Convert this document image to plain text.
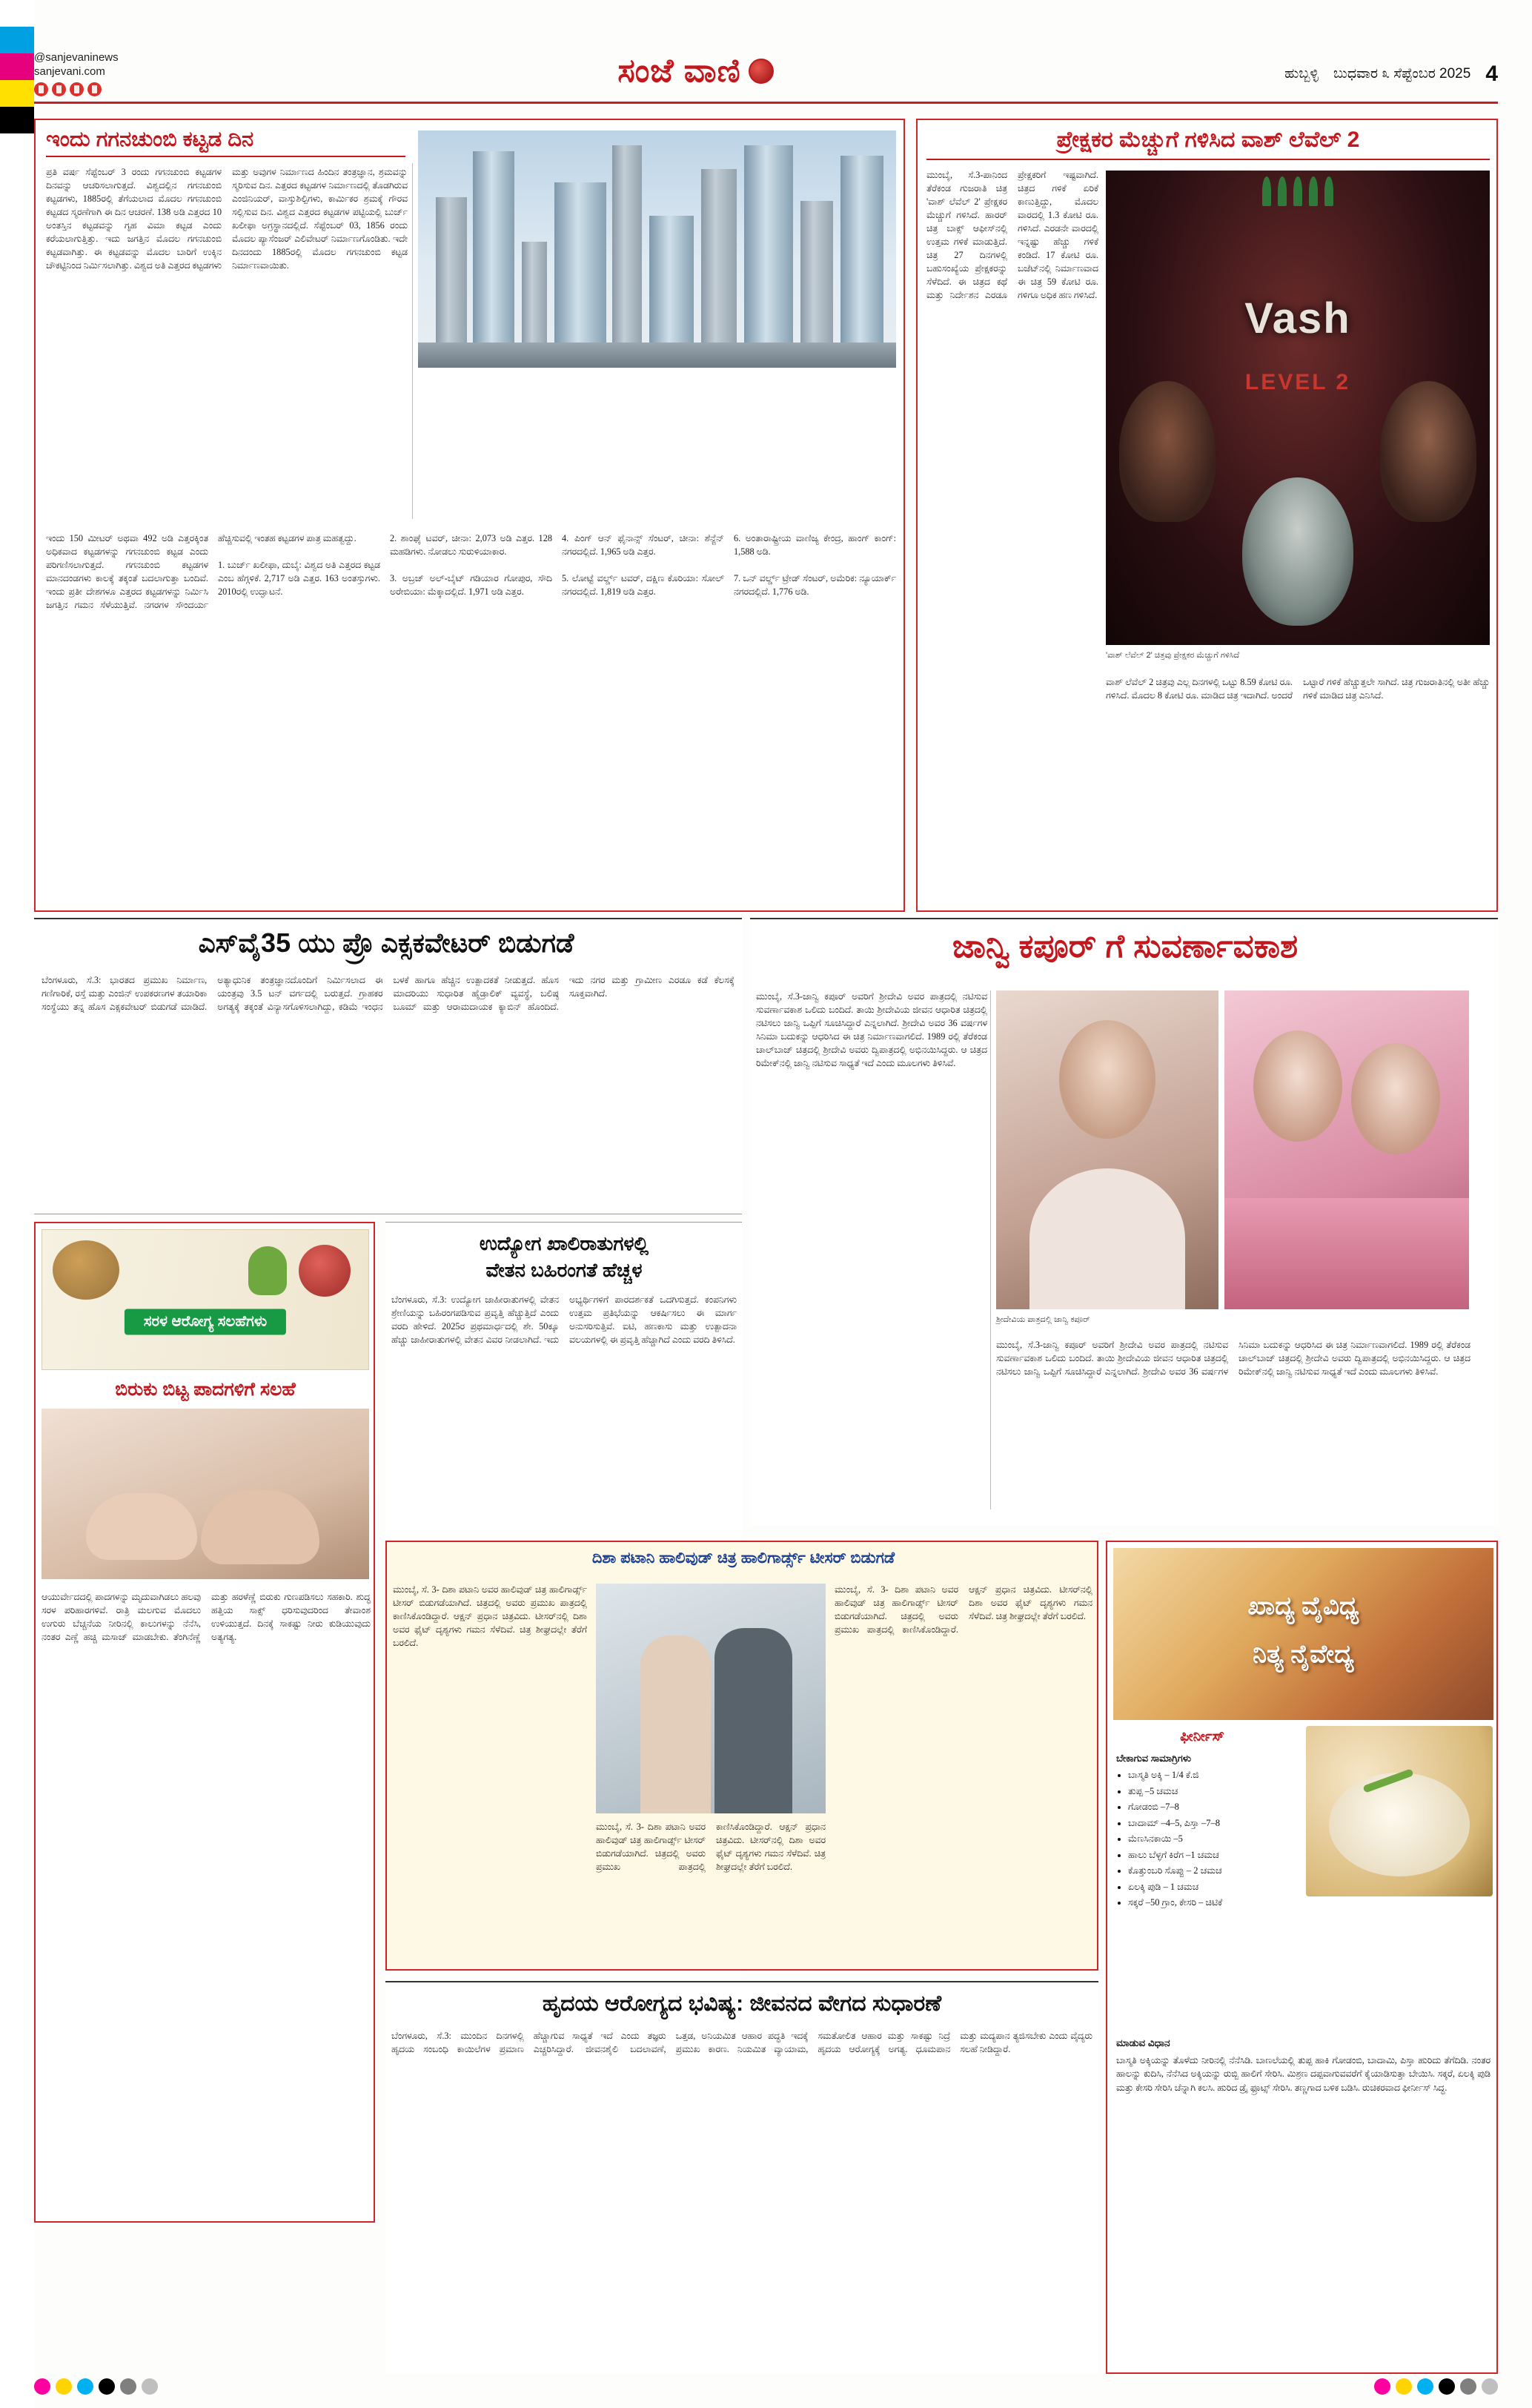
@sanjevaninews
sanjevani.com	ಸಂಜೆ ವಾಣಿ	ಹುಬ್ಬಳ್ಳಿ ಬುಧವಾರ ೩ ಸೆಪ್ಟೆಂಬರ 2025 4
ಇಂದು ಗಗನಚುಂಬಿ ಕಟ್ಟಡ ದಿನ
ಪ್ರತಿ ವರ್ಷ ಸೆಪ್ಟೆಂಬರ್ 3 ರಂದು ಗಗನಚುಂಬಿ ಕಟ್ಟಡಗಳ ದಿನವನ್ನು ಆಚರಿಸಲಾಗುತ್ತದೆ. ವಿಶ್ವದಲ್ಲಿನ ಗಗನಚುಂಬಿ ಕಟ್ಟಡಗಳು, 1885ರಲ್ಲಿ ತೆಗೆಯಲಾದ ಮೊದಲ ಗಗನಚುಂಬಿ ಕಟ್ಟಡದ ಸ್ಮರಣೆಗಾಗಿ ಈ ದಿನ ಆಚರಣೆ. 138 ಅಡಿ ಎತ್ತರದ 10 ಅಂತಸ್ತಿನ ಕಟ್ಟಡವನ್ನು ಗೃಹ ವಿಮಾ ಕಟ್ಟಡ ಎಂದು ಕರೆಯಲಾಗುತ್ತಿತ್ತು. ಇದು ಜಗತ್ತಿನ ಮೊದಲ ಗಗನಚುಂಬಿ ಕಟ್ಟಡವಾಗಿತ್ತು. ಈ ಕಟ್ಟಡವನ್ನು ಮೊದಲ ಬಾರಿಗೆ ಉಕ್ಕಿನ ಚೌಕಟ್ಟಿನಿಂದ ನಿರ್ಮಿಸಲಾಗಿತ್ತು. ವಿಶ್ವದ ಅತಿ ಎತ್ತರದ ಕಟ್ಟಡಗಳು ಮತ್ತು ಅವುಗಳ ನಿರ್ಮಾಣದ ಹಿಂದಿನ ತಂತ್ರಜ್ಞಾನ, ಶ್ರಮವನ್ನು ಸ್ಮರಿಸುವ ದಿನ. ಎತ್ತರದ ಕಟ್ಟಡಗಳ ನಿರ್ಮಾಣದಲ್ಲಿ ತೊಡಗಿರುವ ಎಂಜಿನಿಯರ್, ವಾಸ್ತುಶಿಲ್ಪಿಗಳು, ಕಾರ್ಮಿಕರ ಶ್ರಮಕ್ಕೆ ಗೌರವ ಸಲ್ಲಿಸುವ ದಿನ. ವಿಶ್ವದ ಎತ್ತರದ ಕಟ್ಟಡಗಳ ಪಟ್ಟಿಯಲ್ಲಿ ಬುರ್ಜ್ ಖಲೀಫಾ ಅಗ್ರಸ್ಥಾನದಲ್ಲಿದೆ. ಸೆಪ್ಟೆಂಬರ್ 03, 1856 ರಂದು ಮೊದಲ ಪ್ಯಾಸೆಂಜರ್ ಎಲಿವೇಟರ್ ನಿರ್ಮಾಣಗೊಂಡಿತು. ಇದೇ ದಿನದಂದು 1885ರಲ್ಲಿ ಮೊದಲ ಗಗನಚುಂಬಿ ಕಟ್ಟಡ ನಿರ್ಮಾಣವಾಯಿತು.
ಇಂದು 150 ಮೀಟರ್ ಅಥವಾ 492 ಅಡಿ ಎತ್ತರಕ್ಕಿಂತ ಅಧಿಕವಾದ ಕಟ್ಟಡಗಳನ್ನು ಗಗನಚುಂಬಿ ಕಟ್ಟಡ ಎಂದು ಪರಿಗಣಿಸಲಾಗುತ್ತದೆ. ಗಗನಚುಂಬಿ ಕಟ್ಟಡಗಳ ಮಾನದಂಡಗಳು ಕಾಲಕ್ಕೆ ತಕ್ಕಂತೆ ಬದಲಾಗುತ್ತಾ ಬಂದಿವೆ. ಇಂದು ಪ್ರತೀ ದೇಶಗಳೂ ಎತ್ತರದ ಕಟ್ಟಡಗಳನ್ನು ನಿರ್ಮಿಸಿ ಜಗತ್ತಿನ ಗಮನ ಸೆಳೆಯುತ್ತಿವೆ. ನಗರಗಳ ಸೌಂದರ್ಯ ಹೆಚ್ಚಿಸುವಲ್ಲಿ ಇಂತಹ ಕಟ್ಟಡಗಳ ಪಾತ್ರ ಮಹತ್ವದ್ದು.

1. ಬುರ್ಜ್ ಖಲೀಫಾ, ದುಬೈ: ವಿಶ್ವದ ಅತಿ ಎತ್ತರದ ಕಟ್ಟಡ ಎಂಬ ಹೆಗ್ಗಳಿಕೆ. 2,717 ಅಡಿ ಎತ್ತರ. 163 ಅಂತಸ್ತುಗಳು. 2010ರಲ್ಲಿ ಉದ್ಘಾಟನೆ.

2. ಶಾಂಘೈ ಟವರ್, ಚೀನಾ: 2,073 ಅಡಿ ಎತ್ತರ. 128 ಮಹಡಿಗಳು. ನೋಡಲು ಸುರುಳಿಯಾಕಾರ.

3. ಅಬ್ರಜ್ ಅಲ್-ಬೈಟ್ ಗಡಿಯಾರ ಗೋಪುರ, ಸೌದಿ ಅರೇಬಿಯಾ: ಮೆಕ್ಕಾದಲ್ಲಿದೆ. 1,971 ಅಡಿ ಎತ್ತರ.

4. ಪಿಂಗ್ ಆನ್ ಫೈನಾನ್ಸ್ ಸೆಂಟರ್, ಚೀನಾ: ಶೆನ್ಜೆನ್ ನಗರದಲ್ಲಿದೆ. 1,965 ಅಡಿ ಎತ್ತರ.

5. ಲೋಟ್ಟೆ ವರ್ಲ್ಡ್ ಟವರ್, ದಕ್ಷಿಣ ಕೊರಿಯಾ: ಸೋಲ್ ನಗರದಲ್ಲಿದೆ. 1,819 ಅಡಿ ಎತ್ತರ.

6. ಅಂತಾರಾಷ್ಟ್ರೀಯ ವಾಣಿಜ್ಯ ಕೇಂದ್ರ, ಹಾಂಗ್ ಕಾಂಗ್: 1,588 ಅಡಿ.

7. ಒನ್ ವರ್ಲ್ಡ್ ಟ್ರೇಡ್ ಸೆಂಟರ್, ಅಮೆರಿಕ: ನ್ಯೂಯಾರ್ಕ್ ನಗರದಲ್ಲಿದೆ. 1,776 ಅಡಿ.
ಪ್ರೇಕ್ಷಕರ ಮೆಚ್ಚುಗೆ ಗಳಿಸಿದ ವಾಶ್ ಲೆವೆಲ್ 2
Vash
LEVEL 2
ಮುಂಬೈ, ಸೆ.3-ಪಾನಿಂದ ತೆರೆಕಂಡ ಗುಜರಾತಿ ಚಿತ್ರ 'ವಾಶ್ ಲೆವೆಲ್ 2' ಪ್ರೇಕ್ಷಕರ ಮೆಚ್ಚುಗೆ ಗಳಿಸಿದೆ. ಹಾರರ್ ಚಿತ್ರ ಬಾಕ್ಸ್ ಆಫೀಸ್‌ನಲ್ಲಿ ಉತ್ತಮ ಗಳಿಕೆ ಮಾಡುತ್ತಿದೆ. ಚಿತ್ರ 27 ದಿನಗಳಲ್ಲಿ ಬಹುಸಂಖ್ಯೆಯ ಪ್ರೇಕ್ಷಕರನ್ನು ಸೆಳೆದಿದೆ. ಈ ಚಿತ್ರದ ಕಥೆ ಮತ್ತು ನಿರ್ದೇಶನ ಎರಡೂ ಪ್ರೇಕ್ಷಕರಿಗೆ ಇಷ್ಟವಾಗಿದೆ. ಚಿತ್ರದ ಗಳಿಕೆ ಏರಿಕೆ ಕಾಣುತ್ತಿದ್ದು, ಮೊದಲ ವಾರದಲ್ಲಿ 1.3 ಕೋಟಿ ರೂ. ಗಳಿಸಿದೆ. ಎರಡನೇ ವಾರದಲ್ಲಿ ಇನ್ನಷ್ಟು ಹೆಚ್ಚು ಗಳಿಕೆ ಕಂಡಿದೆ. 17 ಕೋಟಿ ರೂ. ಬಜೆಟ್‌ನಲ್ಲಿ ನಿರ್ಮಾಣವಾದ ಈ ಚಿತ್ರ 59 ಕೋಟಿ ರೂ. ಗಳಿಗೂ ಅಧಿಕ ಹಣ ಗಳಿಸಿದೆ.
'ವಾಶ್ ಲೆವೆಲ್ 2' ಚಿತ್ರವು ಪ್ರೇಕ್ಷಕರ ಮೆಚ್ಚುಗೆ ಗಳಿಸಿದೆ
ವಾಶ್ ಲೆವೆಲ್ 2 ಚಿತ್ರವು ಎಲ್ಲ ದಿನಗಳಲ್ಲಿ ಒಟ್ಟು 8.59 ಕೋಟಿ ರೂ. ಗಳಿಸಿದೆ. ಮೊದಲ 8 ಕೋಟಿ ರೂ. ಮಾಡಿದ ಚಿತ್ರ ಇದಾಗಿದೆ. ಅಂದರೆ ಒಟ್ಟಾರೆ ಗಳಿಕೆ ಹೆಚ್ಚುತ್ತಲೇ ಸಾಗಿದೆ. ಚಿತ್ರ ಗುಜರಾತಿನಲ್ಲಿ ಅತೀ ಹೆಚ್ಚು ಗಳಿಕೆ ಮಾಡಿದ ಚಿತ್ರ ಎನಿಸಿದೆ.
ಎಸ್‌ವೈ35 ಯು ಪ್ರೊ ಎಕ್ಸಕವೇಟರ್ ಬಿಡುಗಡೆ
ಬೆಂಗಳೂರು, ಸೆ.3: ಭಾರತದ ಪ್ರಮುಖ ನಿರ್ಮಾಣ, ಗಣಿಗಾರಿಕೆ, ರಸ್ತೆ ಮತ್ತು ಎಂಜಿನ್ ಉಪಕರಣಗಳ ತಯಾರಿಕಾ ಸಂಸ್ಥೆಯು ತನ್ನ ಹೊಸ ಎಕ್ಸಕವೇಟರ್ ಬಿಡುಗಡೆ ಮಾಡಿದೆ. ಅತ್ಯಾಧುನಿಕ ತಂತ್ರಜ್ಞಾನದೊಂದಿಗೆ ನಿರ್ಮಿಸಲಾದ ಈ ಯಂತ್ರವು 3.5 ಟನ್ ವರ್ಗದಲ್ಲಿ ಬರುತ್ತದೆ. ಗ್ರಾಹಕರ ಅಗತ್ಯಕ್ಕೆ ತಕ್ಕಂತೆ ವಿನ್ಯಾಸಗೊಳಿಸಲಾಗಿದ್ದು, ಕಡಿಮೆ ಇಂಧನ ಬಳಕೆ ಹಾಗೂ ಹೆಚ್ಚಿನ ಉತ್ಪಾದಕತೆ ನೀಡುತ್ತದೆ. ಹೊಸ ಮಾದರಿಯು ಸುಧಾರಿತ ಹೈಡ್ರಾಲಿಕ್ ವ್ಯವಸ್ಥೆ, ಬಲಿಷ್ಠ ಬೂಮ್ ಮತ್ತು ಆರಾಮದಾಯಕ ಕ್ಯಾಬಿನ್ ಹೊಂದಿದೆ. ಇದು ನಗರ ಮತ್ತು ಗ್ರಾಮೀಣ ಎರಡೂ ಕಡೆ ಕೆಲಸಕ್ಕೆ ಸೂಕ್ತವಾಗಿದೆ.
ಜಾನ್ವಿ ಕಪೂರ್ ಗೆ ಸುವರ್ಣಾವಕಾಶ
ಮುಂಬೈ, ಸೆ.3-ಜಾನ್ವಿ ಕಪೂರ್ ಅವರಿಗೆ ಶ್ರೀದೇವಿ ಅವರ ಪಾತ್ರದಲ್ಲಿ ನಟಿಸುವ ಸುವರ್ಣಾವಕಾಶ ಒಲಿದು ಬಂದಿದೆ. ತಾಯಿ ಶ್ರೀದೇವಿಯ ಜೀವನ ಆಧಾರಿತ ಚಿತ್ರದಲ್ಲಿ ನಟಿಸಲು ಜಾನ್ವಿ ಒಪ್ಪಿಗೆ ಸೂಚಿಸಿದ್ದಾರೆ ಎನ್ನಲಾಗಿದೆ. ಶ್ರೀದೇವಿ ಅವರ 36 ವರ್ಷಗಳ ಸಿನಿಮಾ ಬದುಕನ್ನು ಆಧರಿಸಿದ ಈ ಚಿತ್ರ ನಿರ್ಮಾಣವಾಗಲಿದೆ. 1989 ರಲ್ಲಿ ತೆರೆಕಂಡ ಚಾಲ್‌ಬಾಜ್ ಚಿತ್ರದಲ್ಲಿ ಶ್ರೀದೇವಿ ಅವರು ದ್ವಿಪಾತ್ರದಲ್ಲಿ ಅಭಿನಯಿಸಿದ್ದರು. ಆ ಚಿತ್ರದ ರಿಮೇಕ್‌ನಲ್ಲಿ ಜಾನ್ವಿ ನಟಿಸುವ ಸಾಧ್ಯತೆ ಇದೆ ಎಂದು ಮೂಲಗಳು ತಿಳಿಸಿವೆ.
ಶ್ರೀದೇವಿಯ ಪಾತ್ರದಲ್ಲಿ ಜಾನ್ವಿ ಕಪೂರ್
ಮುಂಬೈ, ಸೆ.3-ಜಾನ್ವಿ ಕಪೂರ್ ಅವರಿಗೆ ಶ್ರೀದೇವಿ ಅವರ ಪಾತ್ರದಲ್ಲಿ ನಟಿಸುವ ಸುವರ್ಣಾವಕಾಶ ಒಲಿದು ಬಂದಿದೆ. ತಾಯಿ ಶ್ರೀದೇವಿಯ ಜೀವನ ಆಧಾರಿತ ಚಿತ್ರದಲ್ಲಿ ನಟಿಸಲು ಜಾನ್ವಿ ಒಪ್ಪಿಗೆ ಸೂಚಿಸಿದ್ದಾರೆ ಎನ್ನಲಾಗಿದೆ. ಶ್ರೀದೇವಿ ಅವರ 36 ವರ್ಷಗಳ ಸಿನಿಮಾ ಬದುಕನ್ನು ಆಧರಿಸಿದ ಈ ಚಿತ್ರ ನಿರ್ಮಾಣವಾಗಲಿದೆ. 1989 ರಲ್ಲಿ ತೆರೆಕಂಡ ಚಾಲ್‌ಬಾಜ್ ಚಿತ್ರದಲ್ಲಿ ಶ್ರೀದೇವಿ ಅವರು ದ್ವಿಪಾತ್ರದಲ್ಲಿ ಅಭಿನಯಿಸಿದ್ದರು. ಆ ಚಿತ್ರದ ರಿಮೇಕ್‌ನಲ್ಲಿ ಜಾನ್ವಿ ನಟಿಸುವ ಸಾಧ್ಯತೆ ಇದೆ ಎಂದು ಮೂಲಗಳು ತಿಳಿಸಿವೆ.
ಉದ್ಯೋಗ ಖಾಲಿರಾತುಗಳಲ್ಲಿ
ವೇತನ ಬಹಿರಂಗತೆ ಹೆಚ್ಚಳ
ಬೆಂಗಳೂರು, ಸೆ.3: ಉದ್ಯೋಗ ಜಾಹೀರಾತುಗಳಲ್ಲಿ ವೇತನ ಶ್ರೇಣಿಯನ್ನು ಬಹಿರಂಗಪಡಿಸುವ ಪ್ರವೃತ್ತಿ ಹೆಚ್ಚುತ್ತಿದೆ ಎಂದು ವರದಿ ಹೇಳಿದೆ. 2025ರ ಪ್ರಥಮಾರ್ಧದಲ್ಲಿ ಶೇ. 50ಕ್ಕೂ ಹೆಚ್ಚು ಜಾಹೀರಾತುಗಳಲ್ಲಿ ವೇತನ ವಿವರ ನೀಡಲಾಗಿದೆ. ಇದು ಅಭ್ಯರ್ಥಿಗಳಿಗೆ ಪಾರದರ್ಶಕತೆ ಒದಗಿಸುತ್ತದೆ. ಕಂಪನಿಗಳು ಉತ್ತಮ ಪ್ರತಿಭೆಯನ್ನು ಆಕರ್ಷಿಸಲು ಈ ಮಾರ್ಗ ಅನುಸರಿಸುತ್ತಿವೆ. ಐಟಿ, ಹಣಕಾಸು ಮತ್ತು ಉತ್ಪಾದನಾ ವಲಯಗಳಲ್ಲಿ ಈ ಪ್ರವೃತ್ತಿ ಹೆಚ್ಚಾಗಿದೆ ಎಂದು ವರದಿ ತಿಳಿಸಿದೆ.
ಸರಳ ಆರೋಗ್ಯ ಸಲಹೆಗಳು
ಬಿರುಕು ಬಿಟ್ಟ ಪಾದಗಳಿಗೆ ಸಲಹೆ
ಆಯುರ್ವೇದದಲ್ಲಿ ಪಾದಗಳನ್ನು ಮೃದುವಾಗಿಡಲು ಹಲವು ಸರಳ ಪರಿಹಾರಗಳಿವೆ. ರಾತ್ರಿ ಮಲಗುವ ಮೊದಲು ಉಗುರು ಬೆಚ್ಚನೆಯ ನೀರಿನಲ್ಲಿ ಕಾಲುಗಳನ್ನು ನೆನೆಸಿ, ನಂತರ ಎಣ್ಣೆ ಹಚ್ಚಿ ಮಸಾಜ್ ಮಾಡಬೇಕು. ತೆಂಗಿನೆಣ್ಣೆ ಮತ್ತು ಹರಳೆಣ್ಣೆ ಬಿರುಕು ಗುಣಪಡಿಸಲು ಸಹಕಾರಿ. ಶುದ್ಧ ಹತ್ತಿಯ ಸಾಕ್ಸ್ ಧರಿಸುವುದರಿಂದ ತೇವಾಂಶ ಉಳಿಯುತ್ತದೆ. ದಿನಕ್ಕೆ ಸಾಕಷ್ಟು ನೀರು ಕುಡಿಯುವುದು ಅತ್ಯಗತ್ಯ.
ದಿಶಾ ಪಟಾನಿ ಹಾಲಿವುಡ್ ಚಿತ್ರ ಹಾಲಿಗಾರ್ಡ್ಸ್ ಟೀಸರ್ ಬಿಡುಗಡೆ
ಮುಂಬೈ, ಸೆ. 3- ದಿಶಾ ಪಟಾನಿ ಅವರ ಹಾಲಿವುಡ್ ಚಿತ್ರ ಹಾಲಿಗಾರ್ಡ್ಸ್ ಟೀಸರ್ ಬಿಡುಗಡೆಯಾಗಿದೆ. ಚಿತ್ರದಲ್ಲಿ ಅವರು ಪ್ರಮುಖ ಪಾತ್ರದಲ್ಲಿ ಕಾಣಿಸಿಕೊಂಡಿದ್ದಾರೆ. ಆಕ್ಷನ್ ಪ್ರಧಾನ ಚಿತ್ರವಿದು. ಟೀಸರ್‌ನಲ್ಲಿ ದಿಶಾ ಅವರ ಫೈಟ್ ದೃಶ್ಯಗಳು ಗಮನ ಸೆಳೆದಿವೆ. ಚಿತ್ರ ಶೀಘ್ರದಲ್ಲೇ ತೆರೆಗೆ ಬರಲಿದೆ.
ಮುಂಬೈ, ಸೆ. 3- ದಿಶಾ ಪಟಾನಿ ಅವರ ಹಾಲಿವುಡ್ ಚಿತ್ರ ಹಾಲಿಗಾರ್ಡ್ಸ್ ಟೀಸರ್ ಬಿಡುಗಡೆಯಾಗಿದೆ. ಚಿತ್ರದಲ್ಲಿ ಅವರು ಪ್ರಮುಖ ಪಾತ್ರದಲ್ಲಿ ಕಾಣಿಸಿಕೊಂಡಿದ್ದಾರೆ. ಆಕ್ಷನ್ ಪ್ರಧಾನ ಚಿತ್ರವಿದು. ಟೀಸರ್‌ನಲ್ಲಿ ದಿಶಾ ಅವರ ಫೈಟ್ ದೃಶ್ಯಗಳು ಗಮನ ಸೆಳೆದಿವೆ. ಚಿತ್ರ ಶೀಘ್ರದಲ್ಲೇ ತೆರೆಗೆ ಬರಲಿದೆ.
ಮುಂಬೈ, ಸೆ. 3- ದಿಶಾ ಪಟಾನಿ ಅವರ ಹಾಲಿವುಡ್ ಚಿತ್ರ ಹಾಲಿಗಾರ್ಡ್ಸ್ ಟೀಸರ್ ಬಿಡುಗಡೆಯಾಗಿದೆ. ಚಿತ್ರದಲ್ಲಿ ಅವರು ಪ್ರಮುಖ ಪಾತ್ರದಲ್ಲಿ ಕಾಣಿಸಿಕೊಂಡಿದ್ದಾರೆ. ಆಕ್ಷನ್ ಪ್ರಧಾನ ಚಿತ್ರವಿದು. ಟೀಸರ್‌ನಲ್ಲಿ ದಿಶಾ ಅವರ ಫೈಟ್ ದೃಶ್ಯಗಳು ಗಮನ ಸೆಳೆದಿವೆ. ಚಿತ್ರ ಶೀಘ್ರದಲ್ಲೇ ತೆರೆಗೆ ಬರಲಿದೆ.
ಹೃದಯ ಆರೋಗ್ಯದ ಭವಿಷ್ಯ: ಜೀವನದ ವೇಗದ ಸುಧಾರಣೆ
ಬೆಂಗಳೂರು, ಸೆ.3: ಮುಂದಿನ ದಿನಗಳಲ್ಲಿ ಹೃದಯ ಸಂಬಂಧಿ ಕಾಯಿಲೆಗಳ ಪ್ರಮಾಣ ಹೆಚ್ಚಾಗುವ ಸಾಧ್ಯತೆ ಇದೆ ಎಂದು ತಜ್ಞರು ಎಚ್ಚರಿಸಿದ್ದಾರೆ. ಜೀವನಶೈಲಿ ಬದಲಾವಣೆ, ಒತ್ತಡ, ಅನಿಯಮಿತ ಆಹಾರ ಪದ್ಧತಿ ಇದಕ್ಕೆ ಪ್ರಮುಖ ಕಾರಣ. ನಿಯಮಿತ ವ್ಯಾಯಾಮ, ಸಮತೋಲಿತ ಆಹಾರ ಮತ್ತು ಸಾಕಷ್ಟು ನಿದ್ರೆ ಹೃದಯ ಆರೋಗ್ಯಕ್ಕೆ ಅಗತ್ಯ. ಧೂಮಪಾನ ಮತ್ತು ಮದ್ಯಪಾನ ತ್ಯಜಿಸಬೇಕು ಎಂದು ವೈದ್ಯರು ಸಲಹೆ ನೀಡಿದ್ದಾರೆ.
ಖಾದ್ಯ ವೈವಿಧ್ಯ
ನಿತ್ಯ ನೈವೇದ್ಯ
ಫೀರ್ನೀಸ್
ಬೇಕಾಗುವ ಸಾಮಾಗ್ರಿಗಳು
• ಬಾಸ್ಮತಿ ಅಕ್ಕಿ – 1/4 ಕೆ.ಜಿ
• ತುಪ್ಪ –5 ಚಮಚ
• ಗೋಡಂಬಿ –7–8
• ಬಾದಾಮ್ –4–5, ಪಿಸ್ತಾ –7–8
• ಮೆಣಸಿನಕಾಯಿ –5
• ಹಾಲು ಬೆಳ್ಳಗೆ ಕಿರೆಗ –1 ಚಮಚ
• ಕೊತ್ತುಂಬರಿ ಸೊಪ್ಪು – 2 ಚಮಚ
• ಏಲಕ್ಕಿ ಪುಡಿ – 1 ಚಮಚ
• ಸಕ್ಕರೆ –50 ಗ್ರಾಂ, ಕೇಸರಿ – ಚಿಟಿಕೆ
ಮಾಡುವ ವಿಧಾನ
ಬಾಸ್ಮತಿ ಅಕ್ಕಿಯನ್ನು ತೊಳೆದು ನೀರಿನಲ್ಲಿ ನೆನೆಸಿಡಿ. ಬಾಣಲೆಯಲ್ಲಿ ತುಪ್ಪ ಹಾಕಿ ಗೋಡಂಬಿ, ಬಾದಾಮಿ, ಪಿಸ್ತಾ ಹುರಿದು ತೆಗೆದಿಡಿ. ನಂತರ ಹಾಲನ್ನು ಕುದಿಸಿ, ನೆನೆಸಿದ ಅಕ್ಕಿಯನ್ನು ರುಬ್ಬಿ ಹಾಲಿಗೆ ಸೇರಿಸಿ. ಮಿಶ್ರಣ ದಪ್ಪವಾಗುವವರೆಗೆ ಕೈಯಾಡಿಸುತ್ತಾ ಬೇಯಿಸಿ. ಸಕ್ಕರೆ, ಏಲಕ್ಕಿ ಪುಡಿ ಮತ್ತು ಕೇಸರಿ ಸೇರಿಸಿ ಚೆನ್ನಾಗಿ ಕಲಸಿ. ಹುರಿದ ಡ್ರೈ ಫ್ರೂಟ್ಸ್ ಸೇರಿಸಿ. ತಣ್ಣಗಾದ ಬಳಿಕ ಬಡಿಸಿ. ರುಚಿಕರವಾದ ಫೀರ್ನೀಸ್ ಸಿದ್ಧ.
